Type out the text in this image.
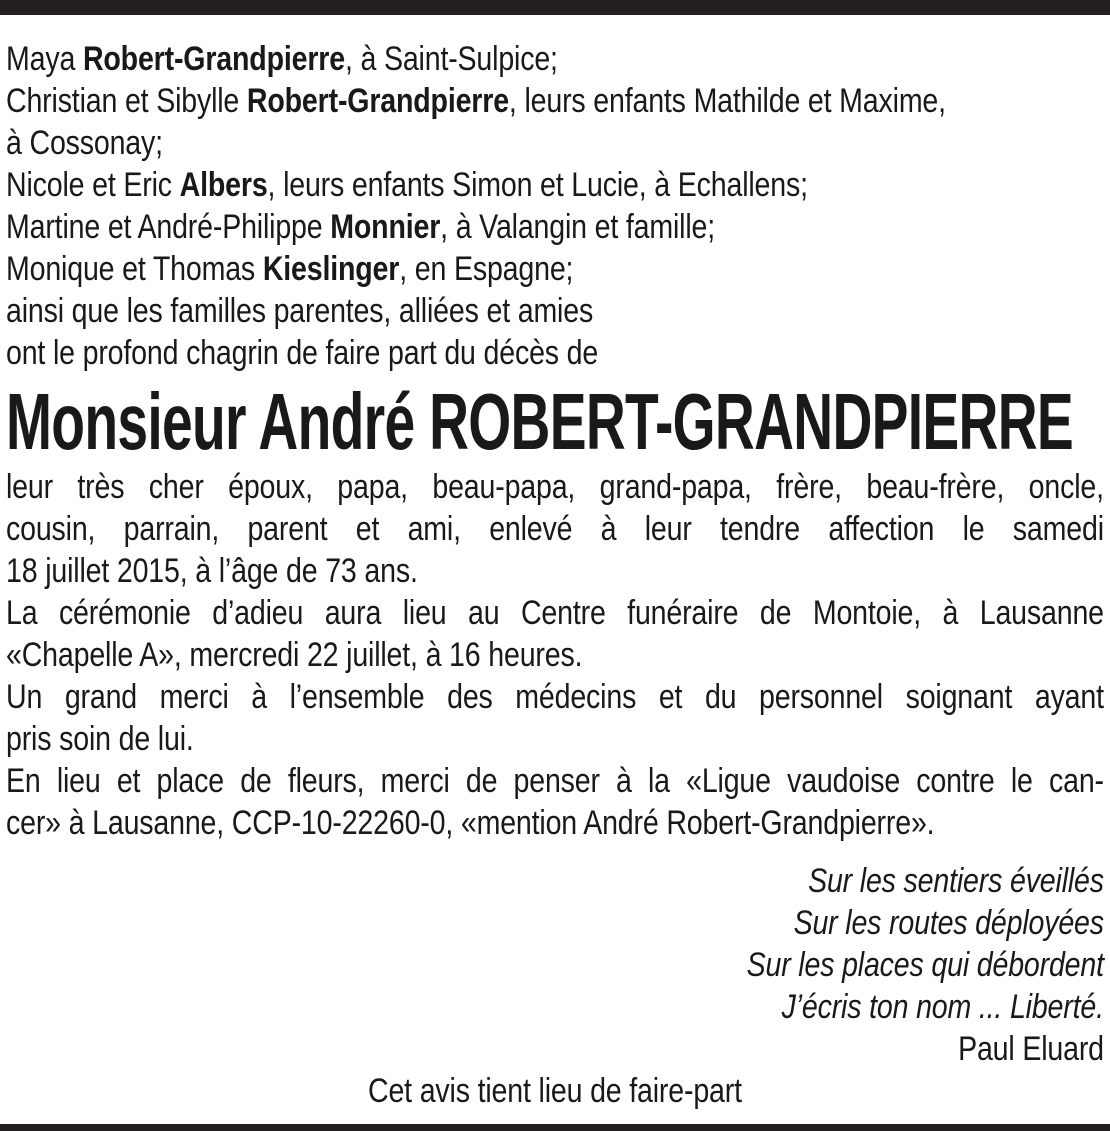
Maya Robert-Grandpierre, à Saint-Sulpice;
Christian et Sibylle Robert-Grandpierre, leurs enfants Mathilde et Maxime,
à Cossonay;
Nicole et Eric Albers, leurs enfants Simon et Lucie, à Echallens;
Martine et André-Philippe Monnier, à Valangin et famille;
Monique et Thomas Kieslinger, en Espagne;
ainsi que les familles parentes, alliées et amies
ont le profond chagrin de faire part du décès de
Monsieur André ROBERT-GRANDPIERRE
leur très cher époux, papa, beau-papa, grand-papa, frère, beau-frère, oncle,
cousin, parrain, parent et ami, enlevé à leur tendre affection le samedi
18 juillet 2015, à l’âge de 73 ans.
La cérémonie d’adieu aura lieu au Centre funéraire de Montoie, à Lausanne
«Chapelle A», mercredi 22 juillet, à 16 heures.
Un grand merci à l’ensemble des médecins et du personnel soignant ayant
pris soin de lui.
En lieu et place de fleurs, merci de penser à la «Ligue vaudoise contre le can-
cer» à Lausanne, CCP-10-22260-0, «mention André Robert-Grandpierre».
Sur les sentiers éveillés
Sur les routes déployées
Sur les places qui débordent
J’écris ton nom ... Liberté.
Paul Eluard
Cet avis tient lieu de faire-part
